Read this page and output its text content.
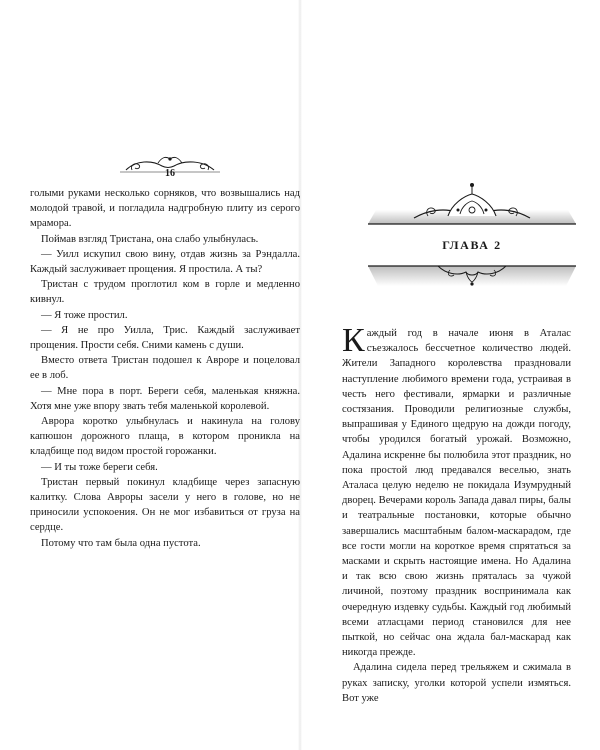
16

голыми руками несколько сорняков, что возвышались над молодой травой, и погладила надгробную плиту из серого мрамора.

Поймав взгляд Тристана, она слабо улыбнулась.

— Уилл искупил свою вину, отдав жизнь за Рэндалла. Каждый заслуживает прощения. Я простила. А ты?

Тристан с трудом проглотил ком в горле и медленно кивнул.

— Я тоже простил.

— Я не про Уилла, Трис. Каждый заслуживает прощения. Прости себя. Сними камень с души.

Вместо ответа Тристан подошел к Авроре и поцеловал ее в лоб.

— Мне пора в порт. Береги себя, маленькая княжна. Хотя мне уже впору звать тебя маленькой королевой.

Аврора коротко улыбнулась и накинула на голову капюшон дорожного плаща, в котором проникла на кладбище под видом простой горожанки.

— И ты тоже береги себя.

Тристан первый покинул кладбище через запасную калитку. Слова Авроры засели у него в голове, но не приносили успокоения. Он не мог избавиться от груза на сердце.

Потому что там была одна пустота.

ГЛАВА 2

Каждый год в начале июня в Аталас съезжалось бессчетное количество людей. Жители Западного королевства праздновали наступление любимого времени года, устраивая в честь него фестивали, ярмарки и различные состязания. Проводили религиозные службы, выпрашивая у Единого щедрую на дожди погоду, чтобы уродился богатый урожай. Возможно, Адалина искренне бы полюбила этот праздник, но пока простой люд предавался веселью, знать Аталаса целую неделю не покидала Изумрудный дворец. Вечерами король Запада давал пиры, балы и театральные постановки, которые обычно завершались масштабным балом-маскарадом, где все гости могли на короткое время спрятаться за масками и скрыть настоящие имена. Но Адалина и так всю свою жизнь пряталась за чужой личиной, поэтому праздник воспринимала как очередную издевку судьбы. Каждый год любимый всеми атласцами период становился для нее пыткой, но сейчас она ждала бал-маскарад как никогда прежде.

Адалина сидела перед трельяжем и сжимала в руках записку, уголки которой успели измяться. Вот уже
